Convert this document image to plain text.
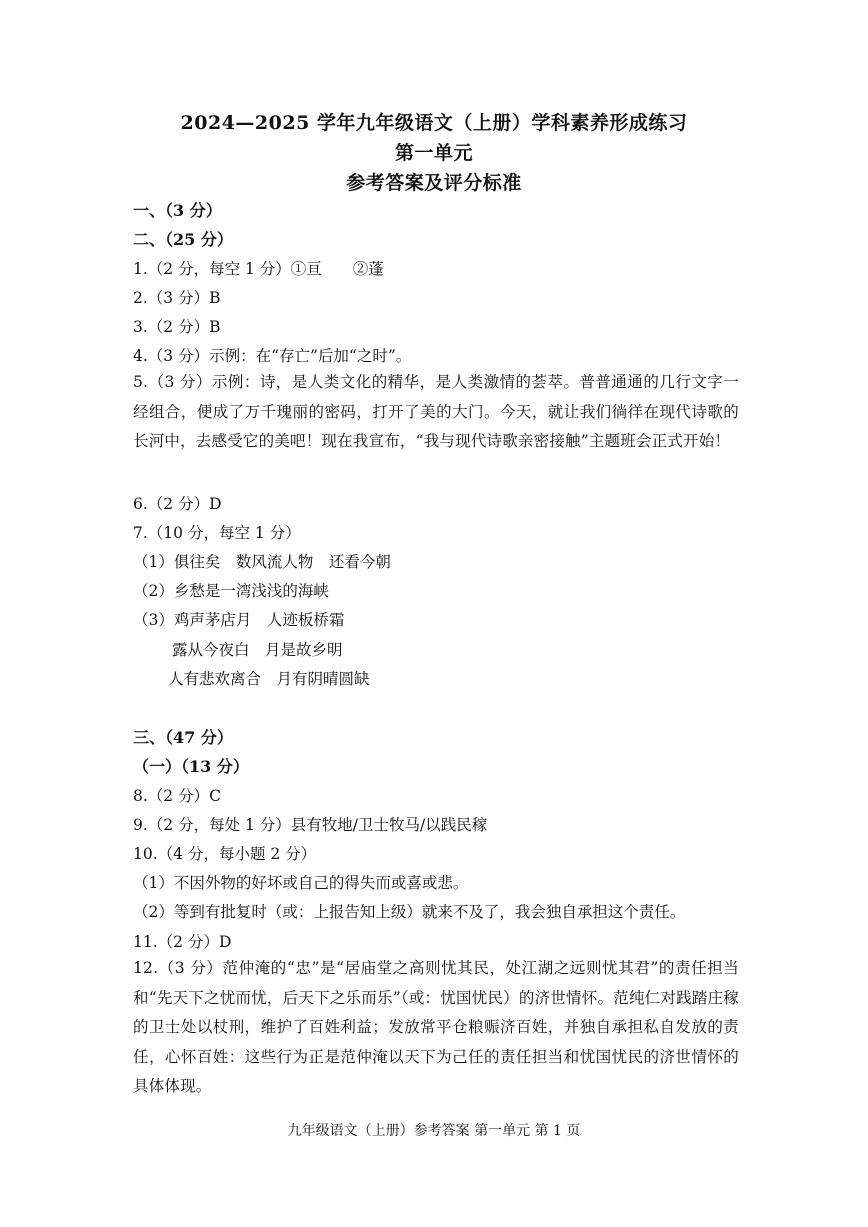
2024—2025 学年九年级语文（上册）学科素养形成练习
第一单元
参考答案及评分标准
一、（3 分）
二、（25 分）
1.（2 分，每空 1 分）①亘　　②蓬
2.（3 分）B
3.（2 分）B
4.（3 分）示例：在“存亡”后加“之时”。
5.（3 分）示例：诗，是人类文化的精华，是人类激情的荟萃。普普通通的几行文字一经组合，便成了万千瑰丽的密码，打开了美的大门。今天，就让我们徜徉在现代诗歌的长河中，去感受它的美吧！现在我宣布，“我与现代诗歌亲密接触”主题班会正式开始！
6.（2 分）D
7.（10 分，每空 1 分）
（1）俱往矣　数风流人物　还看今朝
（2）乡愁是一湾浅浅的海峡
（3）鸡声茅店月　人迹板桥霜
露从今夜白　月是故乡明
人有悲欢离合　月有阴晴圆缺
三、（47 分）
（一）（13 分）
8.（2 分）C
9.（2 分，每处 1 分）县有牧地/卫士牧马/以践民稼
10.（4 分，每小题 2 分）
（1）不因外物的好坏或自己的得失而或喜或悲。
（2）等到有批复时（或：上报告知上级）就来不及了，我会独自承担这个责任。
11.（2 分）D
12.（3 分）范仲淹的“忠”是“居庙堂之高则忧其民，处江湖之远则忧其君”的责任担当和“先天下之忧而忧，后天下之乐而乐”（或：忧国忧民）的济世情怀。范纯仁对践踏庄稼的卫士处以杖刑，维护了百姓利益；发放常平仓粮赈济百姓，并独自承担私自发放的责任，心怀百姓：这些行为正是范仲淹以天下为己任的责任担当和忧国忧民的济世情怀的具体体现。
九年级语文（上册）参考答案 第一单元 第 1 页
